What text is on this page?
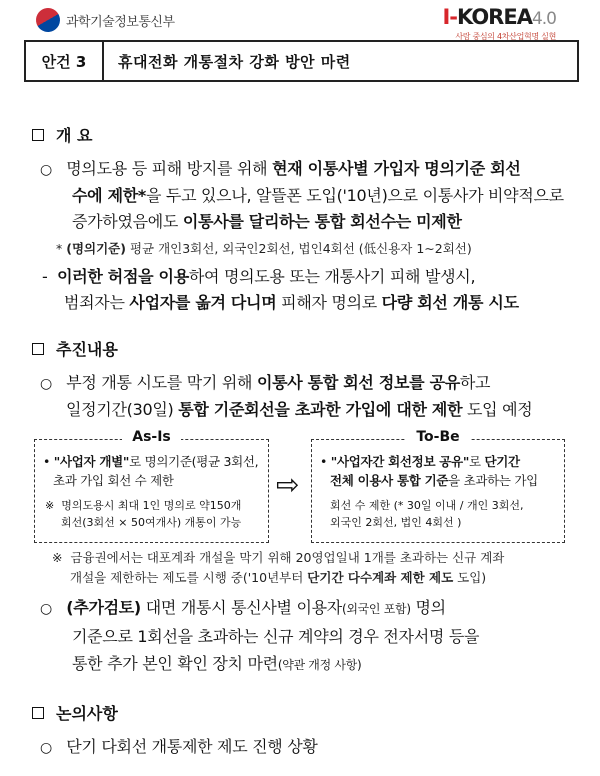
과학기술정보통신부	I-KOREA4.0
사람 중심의 4차산업혁명 실현
안건 3	휴대전화 개통절차 강화 방안 마련
개 요
○ 명의도용 등 피해 방지를 위해 현재 이통사별 가입자 명의기준 회선
수에 제한*을 두고 있으나, 알뜰폰 도입('10년)으로 이통사가 비약적으로
증가하였음에도 이통사를 달리하는 통합 회선수는 미제한
* (명의기준) 평균 개인3회선, 외국인2회선, 법인4회선 (低신용자 1∼2회선)
- 이러한 허점을 이용하여 명의도용 또는 개통사기 피해 발생시,
범죄자는 사업자를 옮겨 다니며 피해자 명의로 다량 회선 개통 시도
추진내용
○ 부정 개통 시도를 막기 위해 이통사 통합 회선 정보를 공유하고
일정기간(30일) 통합 기준회선을 초과한 가입에 대한 제한 도입 예정
As-Is
• "사업자 개별"로 명의기준(평균 3회선,
초과 가입 회선 수 제한
※ 명의도용시 최대 1인 명의로 약150개
회선(3회선 × 50여개사) 개통이 가능
⇨
To-Be
• "사업자간 회선정보 공유"로 단기간
전체 이용사 통합 기준을 초과하는 가입
회선 수 제한 (* 30일 이내 / 개인 3회선,
외국인 2회선, 법인 4회선 )
※ 금융권에서는 대포계좌 개설을 막기 위해 20영업일내 1개를 초과하는 신규 계좌
개설을 제한하는 제도를 시행 중('10년부터 단기간 다수계좌 제한 제도 도입)
○ (추가검토) 대면 개통시 통신사별 이용자(외국인 포함) 명의
기준으로 1회선을 초과하는 신규 계약의 경우 전자서명 등을
통한 추가 본인 확인 장치 마련(약관 개정 사항)
논의사항
○ 단기 다회선 개통제한 제도 진행 상황
